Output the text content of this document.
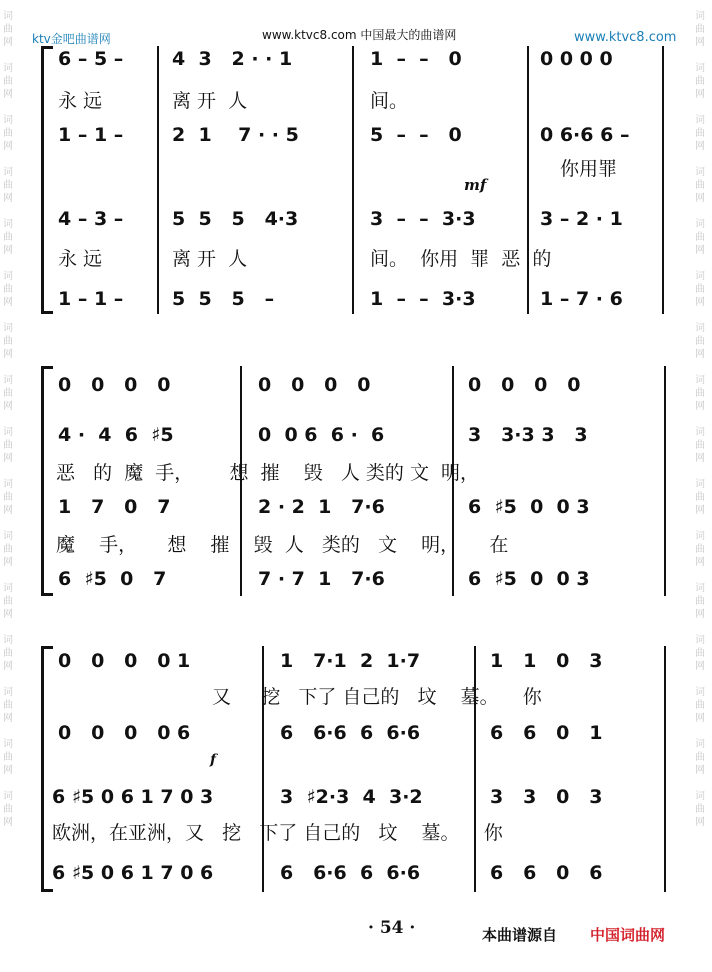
ktv金吧曲谱网	www.ktvc8.com 中国最大的曲谱网	www.ktvc8.com
词
曲
网

词
曲
网

词
曲
网

词
曲
网

词
曲
网

词
曲
网

词
曲
网

词
曲
网

词
曲
网

词
曲
网

词
曲
网

词
曲
网

词
曲
网

词
曲
网

词
曲
网

词
曲
网
词
曲
网

词
曲
网

词
曲
网

词
曲
网

词
曲
网

词
曲
网

词
曲
网

词
曲
网

词
曲
网

词
曲
网

词
曲
网

词
曲
网

词
曲
网

词
曲
网

词
曲
网

词
曲
网
6 – 5 –	4  3   2 · · 1	1  –  –   0	0 0 0 0
永 远	离 开  人	间。
1 – 1 –	2  1    7 · · 5	5  –  –   0	0 6·6 6 –
你用罪
mf
4 – 3 –	5  5   5   4·3	3  –  –  3·3	3 – 2 · 1
永 远	离 开  人	间。  你用  罪  恶  的
1 – 1 –	5  5   5   –	1  –  –  3·3	1 – 7 · 6
0   0   0   0	0   0   0   0	0   0   0   0
4 ·  4  6  ♯5	0  0 6  6 ·  6	3   3·3 3   3
恶   的  魔  手，      想  摧    毁   人 类的 文  明，
1   7   0   7	2 · 2  1   7·6	6  ♯5  0  0 3
魔    手，     想    摧    毁  人   类的   文    明，     在
6  ♯5  0   7	7 · 7  1   7·6	6  ♯5  0  0 3
0   0   0   0 1	1   7·1  2  1·7	1   1   0   3
又     挖   下了 自己的   坟    墓。    你
0   0   0   0 6	6   6·6  6  6·6	6   6   0   1
f
6 ♯5 0 6 1 7 0 3	3  ♯2·3  4  3·2	3   3   0   3
欧洲，在亚洲，又   挖   下了 自己的   坟    墓。    你
6 ♯5 0 6 1 7 0 6	6   6·6  6  6·6	6   6   0   6
· 54 ·	本曲谱源自 中国词曲网
